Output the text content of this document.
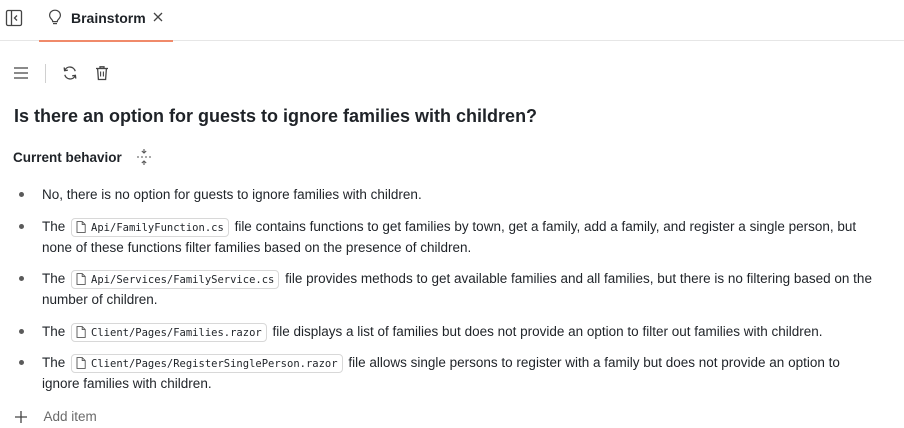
Brainstorm
Is there an option for guests to ignore families with children?
Current behavior
No, there is no option for guests to ignore families with children.
The Api/FamilyFunction.cs file contains functions to get families by town, get a family, add a family, and register a single person, but none of these functions filter families based on the presence of children.
The Api/Services/FamilyService.cs file provides methods to get available families and all families, but there is no filtering based on the number of children.
The Client/Pages/Families.razor file displays a list of families but does not provide an option to filter out families with children.
The Client/Pages/RegisterSinglePerson.razor file allows single persons to register with a family but does not provide an option to ignore families with children.
Add item
